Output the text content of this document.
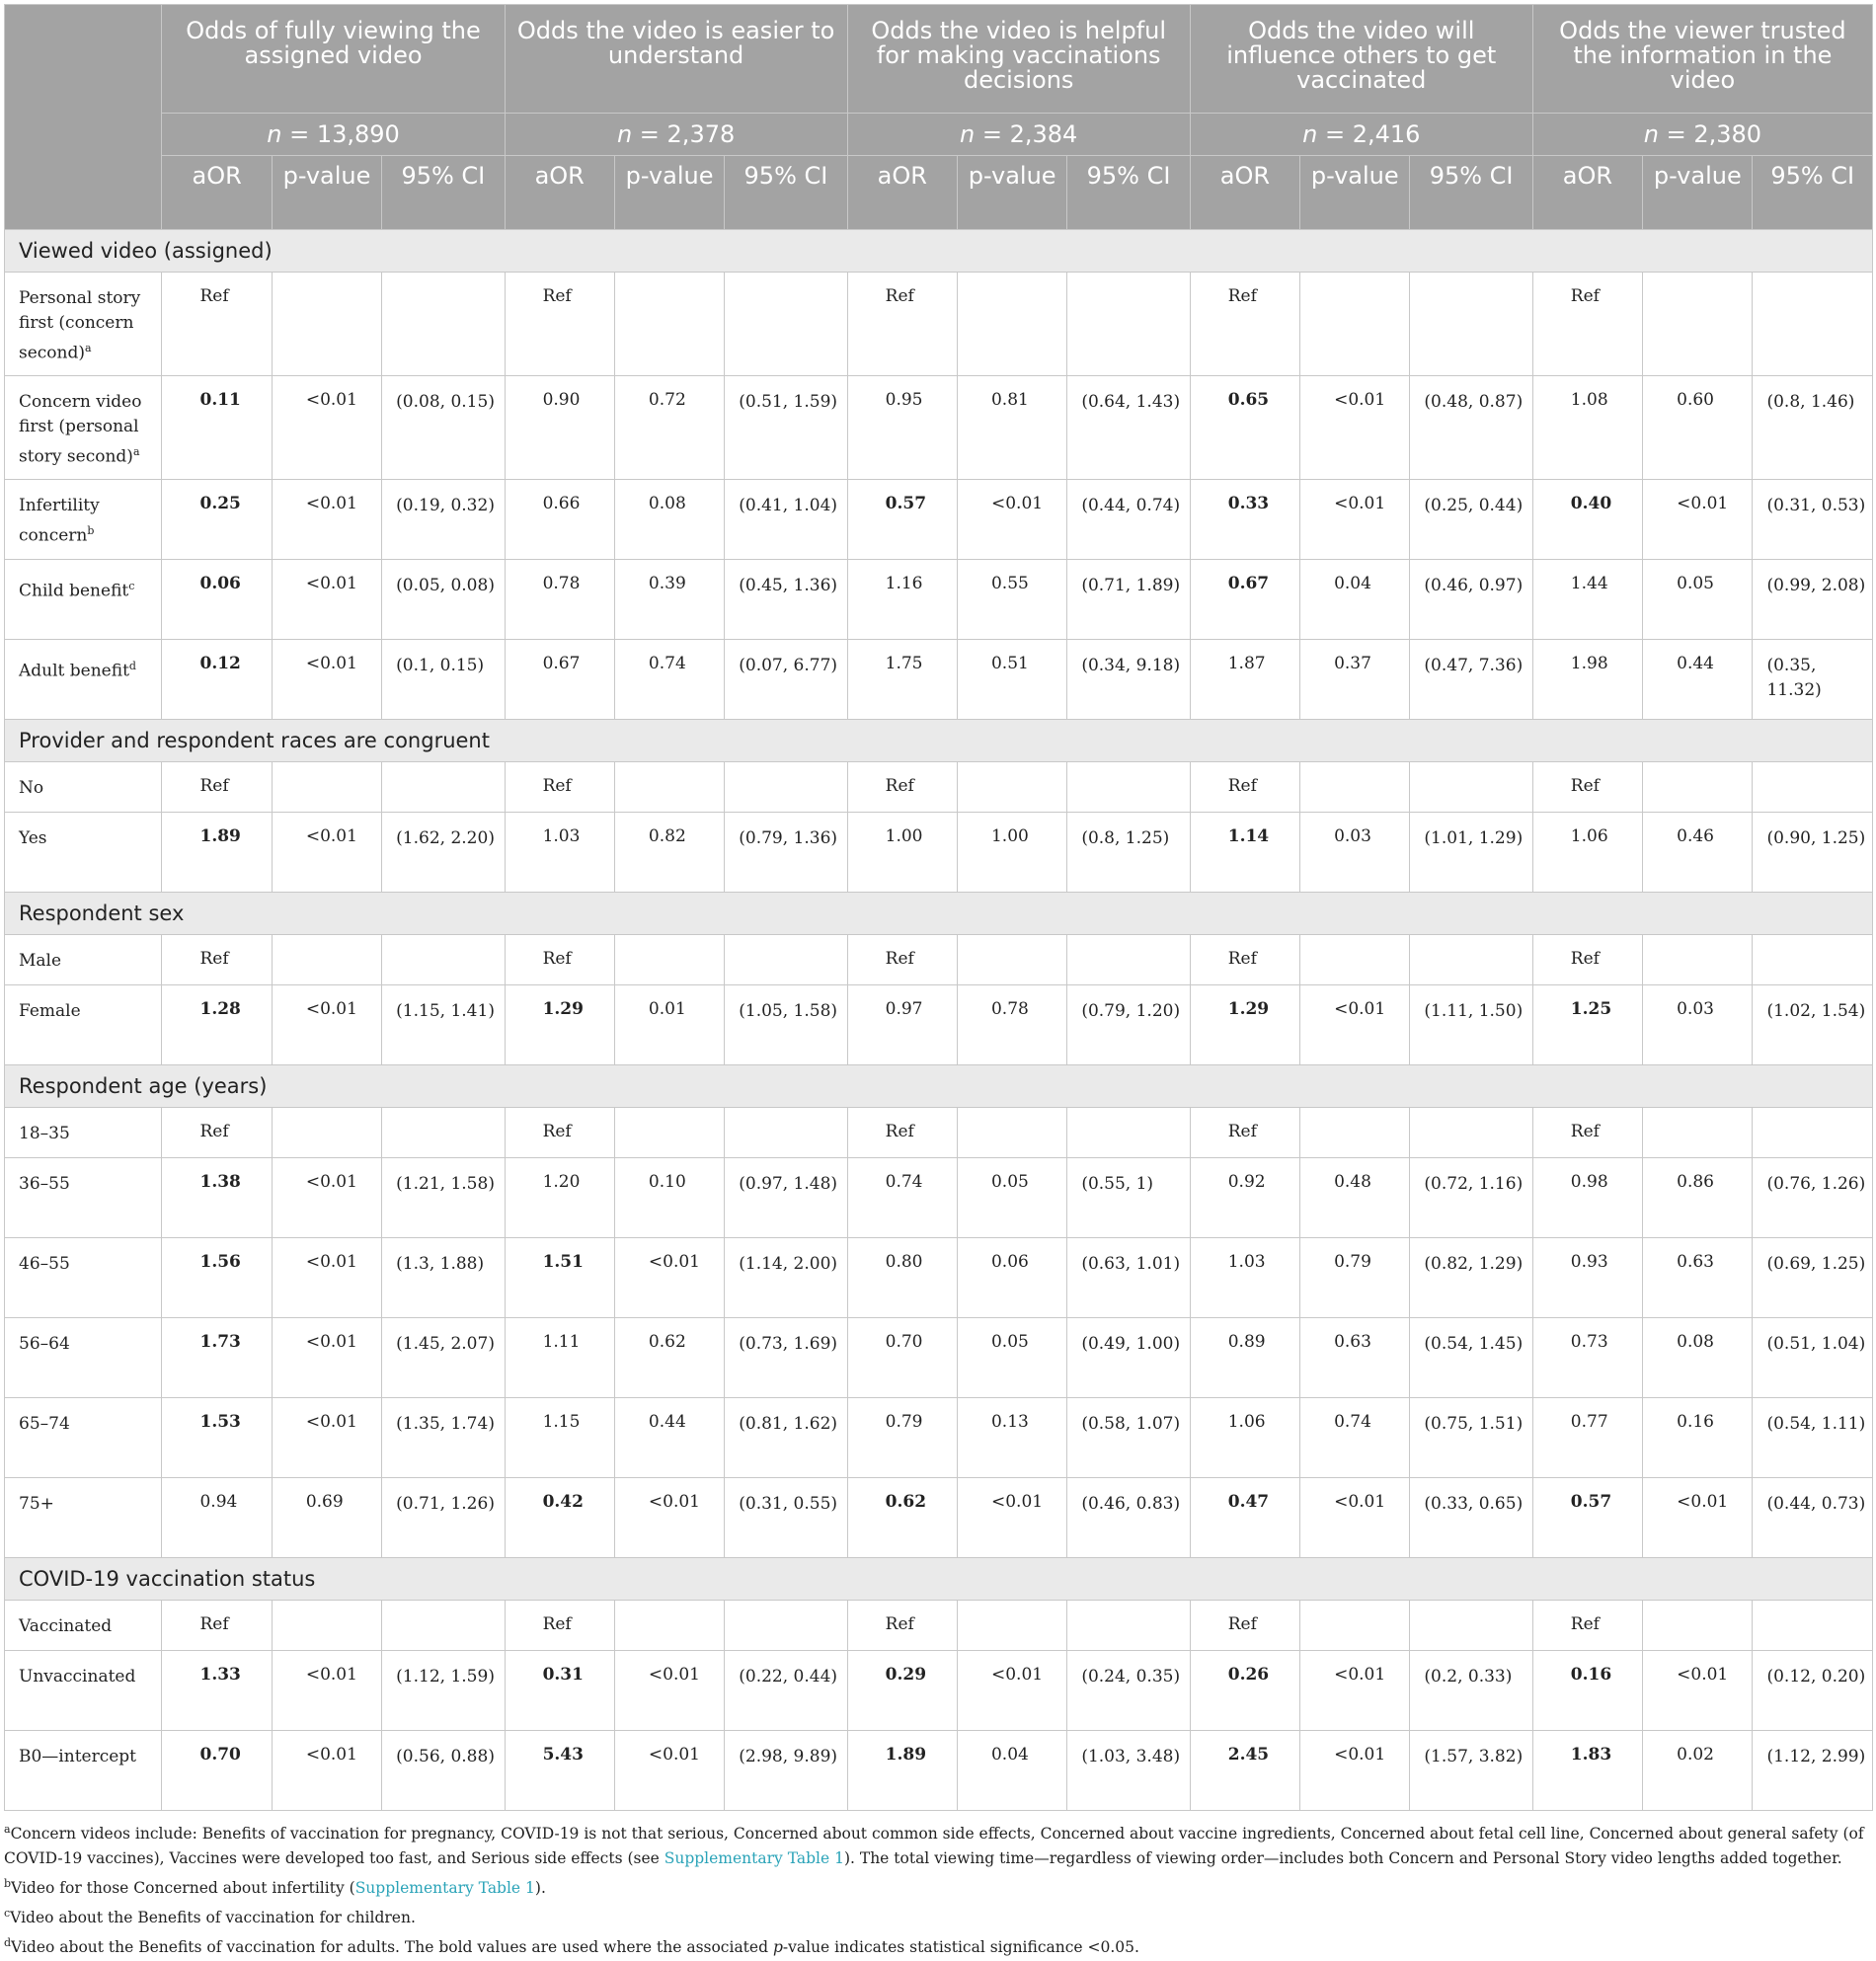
	Odds of fully viewing the assigned video			Odds the video is easier to understand			Odds the video is helpful for making vaccinations decisions			Odds the video will influence others to get vaccinated			Odds the viewer trusted the information in the video		
	n = 13,890			n = 2,378			n = 2,384			n = 2,416			n = 2,380		
	aOR	p-value	95% CI	aOR	p-value	95% CI	aOR	p-value	95% CI	aOR	p-value	95% CI	aOR	p-value	95% CI
Viewed video (assigned)															
Personal story first (concern second)$^a$	Ref			Ref			Ref			Ref			Ref		
Concern video first (personal story second)$^a$	0.11	<0.01	(0.08, 0.15)	0.90	0.72	(0.51, 1.59)	0.95	0.81	(0.64, 1.43)	0.65	<0.01	(0.48, 0.87)	1.08	0.60	(0.8, 1.46)
Infertility concern$^b$	0.25	<0.01	(0.19, 0.32)	0.66	0.08	(0.41, 1.04)	0.57	<0.01	(0.44, 0.74)	0.33	<0.01	(0.25, 0.44)	0.40	<0.01	(0.31, 0.53)
Child benefit$^c$	0.06	<0.01	(0.05, 0.08)	0.78	0.39	(0.45, 1.36)	1.16	0.55	(0.71, 1.89)	0.67	0.04	(0.46, 0.97)	1.44	0.05	(0.99, 2.08)
Adult benefit$^d$	0.12	<0.01	(0.1, 0.15)	0.67	0.74	(0.07, 6.77)	1.75	0.51	(0.34, 9.18)	1.87	0.37	(0.47, 7.36)	1.98	0.44	(0.35, 11.32)
Provider and respondent races are congruent															
No	Ref			Ref			Ref			Ref			Ref		
Yes	1.89	<0.01	(1.62, 2.20)	1.03	0.82	(0.79, 1.36)	1.00	1.00	(0.8, 1.25)	1.14	0.03	(1.01, 1.29)	1.06	0.46	(0.90, 1.25)
Respondent sex															
Male	Ref			Ref			Ref			Ref			Ref		
Female	1.28	<0.01	(1.15, 1.41)	1.29	0.01	(1.05, 1.58)	0.97	0.78	(0.79, 1.20)	1.29	<0.01	(1.11, 1.50)	1.25	0.03	(1.02, 1.54)
Respondent age (years)															
18–35	Ref			Ref			Ref			Ref			Ref		
36–55	1.38	<0.01	(1.21, 1.58)	1.20	0.10	(0.97, 1.48)	0.74	0.05	(0.55, 1)	0.92	0.48	(0.72, 1.16)	0.98	0.86	(0.76, 1.26)
46–55	1.56	<0.01	(1.3, 1.88)	1.51	<0.01	(1.14, 2.00)	0.80	0.06	(0.63, 1.01)	1.03	0.79	(0.82, 1.29)	0.93	0.63	(0.69, 1.25)
56–64	1.73	<0.01	(1.45, 2.07)	1.11	0.62	(0.73, 1.69)	0.70	0.05	(0.49, 1.00)	0.89	0.63	(0.54, 1.45)	0.73	0.08	(0.51, 1.04)
65–74	1.53	<0.01	(1.35, 1.74)	1.15	0.44	(0.81, 1.62)	0.79	0.13	(0.58, 1.07)	1.06	0.74	(0.75, 1.51)	0.77	0.16	(0.54, 1.11)
75+	0.94	0.69	(0.71, 1.26)	0.42	<0.01	(0.31, 0.55)	0.62	<0.01	(0.46, 0.83)	0.47	<0.01	(0.33, 0.65)	0.57	<0.01	(0.44, 0.73)
COVID-19 vaccination status															
Vaccinated	Ref			Ref			Ref			Ref			Ref		
Unvaccinated	1.33	<0.01	(1.12, 1.59)	0.31	<0.01	(0.22, 0.44)	0.29	<0.01	(0.24, 0.35)	0.26	<0.01	(0.2, 0.33)	0.16	<0.01	(0.12, 0.20)
B0—intercept	0.70	<0.01	(0.56, 0.88)	5.43	<0.01	(2.98, 9.89)	1.89	0.04	(1.03, 3.48)	2.45	<0.01	(1.57, 3.82)	1.83	0.02	(1.12, 2.99)

$^a$Concern videos include: Benefits of vaccination for pregnancy, COVID-19 is not that serious, Concerned about common side effects, Concerned about vaccine ingredients, Concerned about fetal cell line, Concerned about general safety (of COVID-19 vaccines), Vaccines were developed too fast, and Serious side effects (see Supplementary Table 1). The total viewing time—regardless of viewing order—includes both Concern and Personal Story video lengths added together.

$^b$Video for those Concerned about infertility (Supplementary Table 1).

$^c$Video about the Benefits of vaccination for children.

$^d$Video about the Benefits of vaccination for adults. The bold values are used where the associated p-value indicates statistical significance <0.05.
